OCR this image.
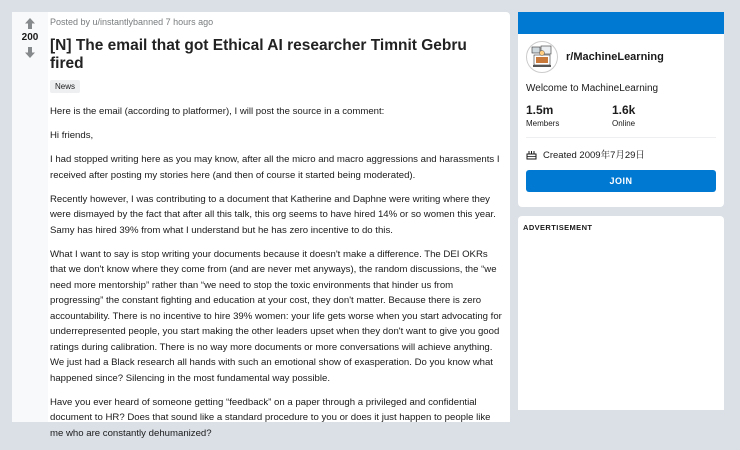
200
Posted by u/instantlybanned 7 hours ago
[N] The email that got Ethical AI researcher Timnit Gebru fired
News

Here is the email (according to platformer), I will post the source in a comment:

Hi friends,

I had stopped writing here as you may know, after all the micro and macro aggressions and harassments I received after posting my stories here (and then of course it started being moderated).

Recently however, I was contributing to a document that Katherine and Daphne were writing where they were dismayed by the fact that after all this talk, this org seems to have hired 14% or so women this year. Samy has hired 39% from what I understand but he has zero incentive to do this.

What I want to say is stop writing your documents because it doesn't make a difference. The DEI OKRs that we don't know where they come from (and are never met anyways), the random discussions, the “we need more mentorship” rather than “we need to stop the toxic environments that hinder us from progressing” the constant fighting and education at your cost, they don't matter. Because there is zero accountability. There is no incentive to hire 39% women: your life gets worse when you start advocating for underrepresented people, you start making the other leaders upset when they don't want to give you good ratings during calibration. There is no way more documents or more conversations will achieve anything. We just had a Black research all hands with such an emotional show of exasperation. Do you know what happened since? Silencing in the most fundamental way possible.

Have you ever heard of someone getting “feedback” on a paper through a privileged and confidential document to HR? Does that sound like a standard procedure to you or does it just happen to people like me who are constantly dehumanized?

r/MachineLearning
Welcome to MachineLearning
1.5m
Members
1.6k
Online
Created 2009年7月29日
JOIN
ADVERTISEMENT
